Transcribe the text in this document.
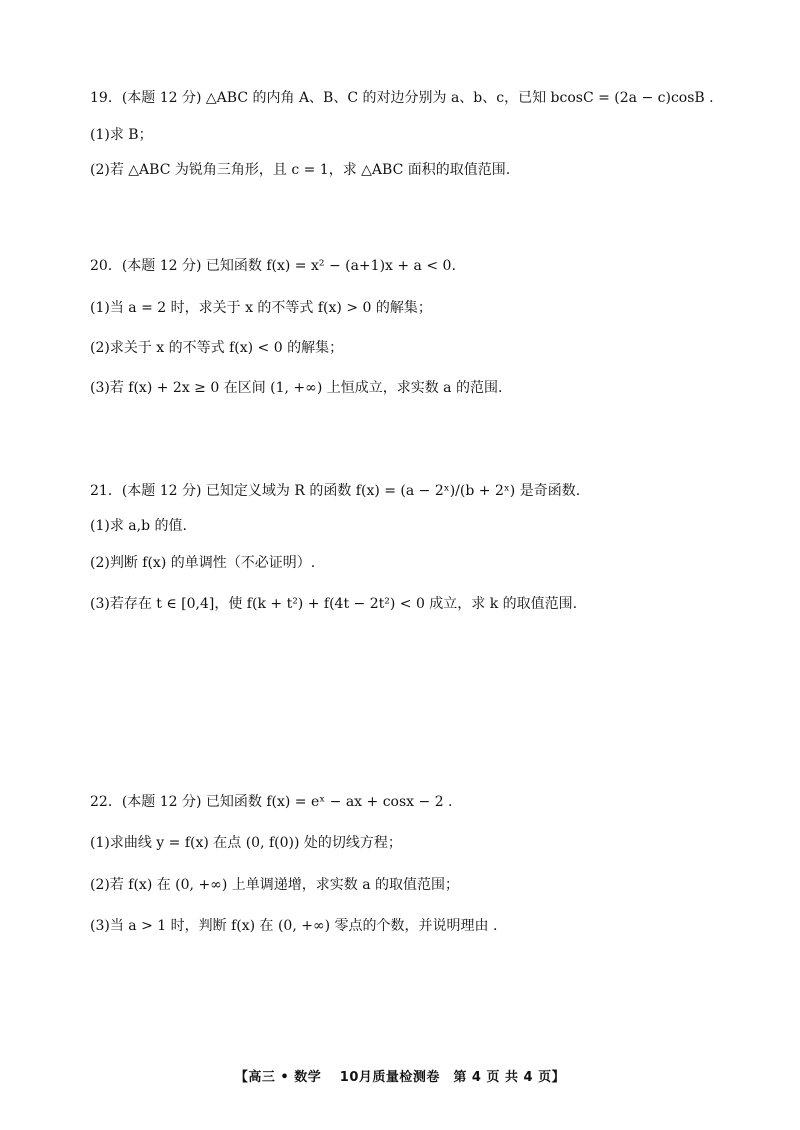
19．(本题 12 分) △ABC 的内角 A、B、C 的对边分别为 a、b、c，已知 bcosC = (2a − c)cosB .
(1)求 B；
(2)若 △ABC 为锐角三角形，且 c = 1，求 △ABC 面积的取值范围.
20．(本题 12 分) 已知函数 f(x) = x² − (a+1)x + a < 0.
(1)当 a = 2 时，求关于 x 的不等式 f(x) > 0 的解集；
(2)求关于 x 的不等式 f(x) < 0 的解集；
(3)若 f(x) + 2x ≥ 0 在区间 (1, +∞) 上恒成立，求实数 a 的范围.
21．(本题 12 分) 已知定义域为 R 的函数 f(x) = (a − 2ˣ)/(b + 2ˣ) 是奇函数.
(1)求 a,b 的值.
(2)判断 f(x) 的单调性（不必证明）.
(3)若存在 t ∈ [0,4]，使 f(k + t²) + f(4t − 2t²) < 0 成立，求 k 的取值范围.
22．(本题 12 分) 已知函数 f(x) = eˣ − ax + cosx − 2 .
(1)求曲线 y = f(x) 在点 (0, f(0)) 处的切线方程；
(2)若 f(x) 在 (0, +∞) 上单调递增，求实数 a 的取值范围；
(3)当 a > 1 时，判断 f(x) 在 (0, +∞) 零点的个数，并说明理由 .
【高三 • 数学　 10月质量检测卷　第 4 页 共 4 页】
